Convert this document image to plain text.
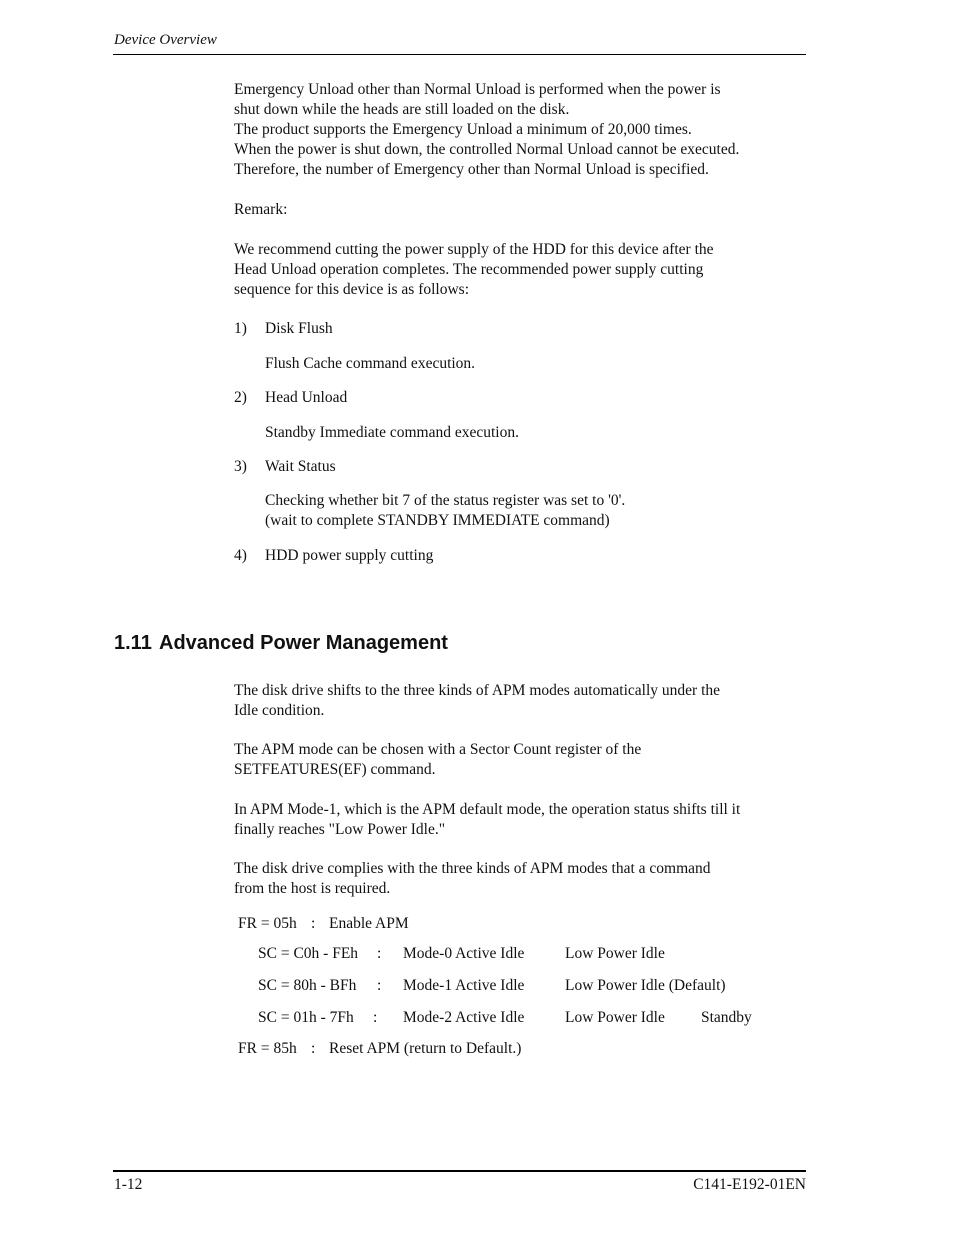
Device Overview

Emergency Unload other than Normal Unload is performed when the power is
shut down while the heads are still loaded on the disk.
The product supports the Emergency Unload a minimum of 20,000 times.
When the power is shut down, the controlled Normal Unload cannot be executed.
Therefore, the number of Emergency other than Normal Unload is specified.

Remark:

We recommend cutting the power supply of the HDD for this device after the
Head Unload operation completes. The recommended power supply cutting
sequence for this device is as follows:

1) Disk Flush
Flush Cache command execution.
2) Head Unload
Standby Immediate command execution.
3) Wait Status
Checking whether bit 7 of the status register was set to '0'.
(wait to complete STANDBY IMMEDIATE command)
4) HDD power supply cutting
1.11 Advanced Power Management

The disk drive shifts to the three kinds of APM modes automatically under the
Idle condition.

The APM mode can be chosen with a Sector Count register of the
SETFEATURES(EF) command.

In APM Mode-1, which is the APM default mode, the operation status shifts till it
finally reaches "Low Power Idle."

The disk drive complies with the three kinds of APM modes that a command
from the host is required.

FR = 05h : Enable APM
SC = C0h - FEh : Mode-0 Active Idle	Low Power Idle
SC = 80h - BFh : Mode-1 Active Idle	Low Power Idle (Default)
SC = 01h - 7Fh : Mode-2 Active Idle	Low Power Idle Standby
FR = 85h : Reset APM (return to Default.)
1-12	C141-E192-01EN
